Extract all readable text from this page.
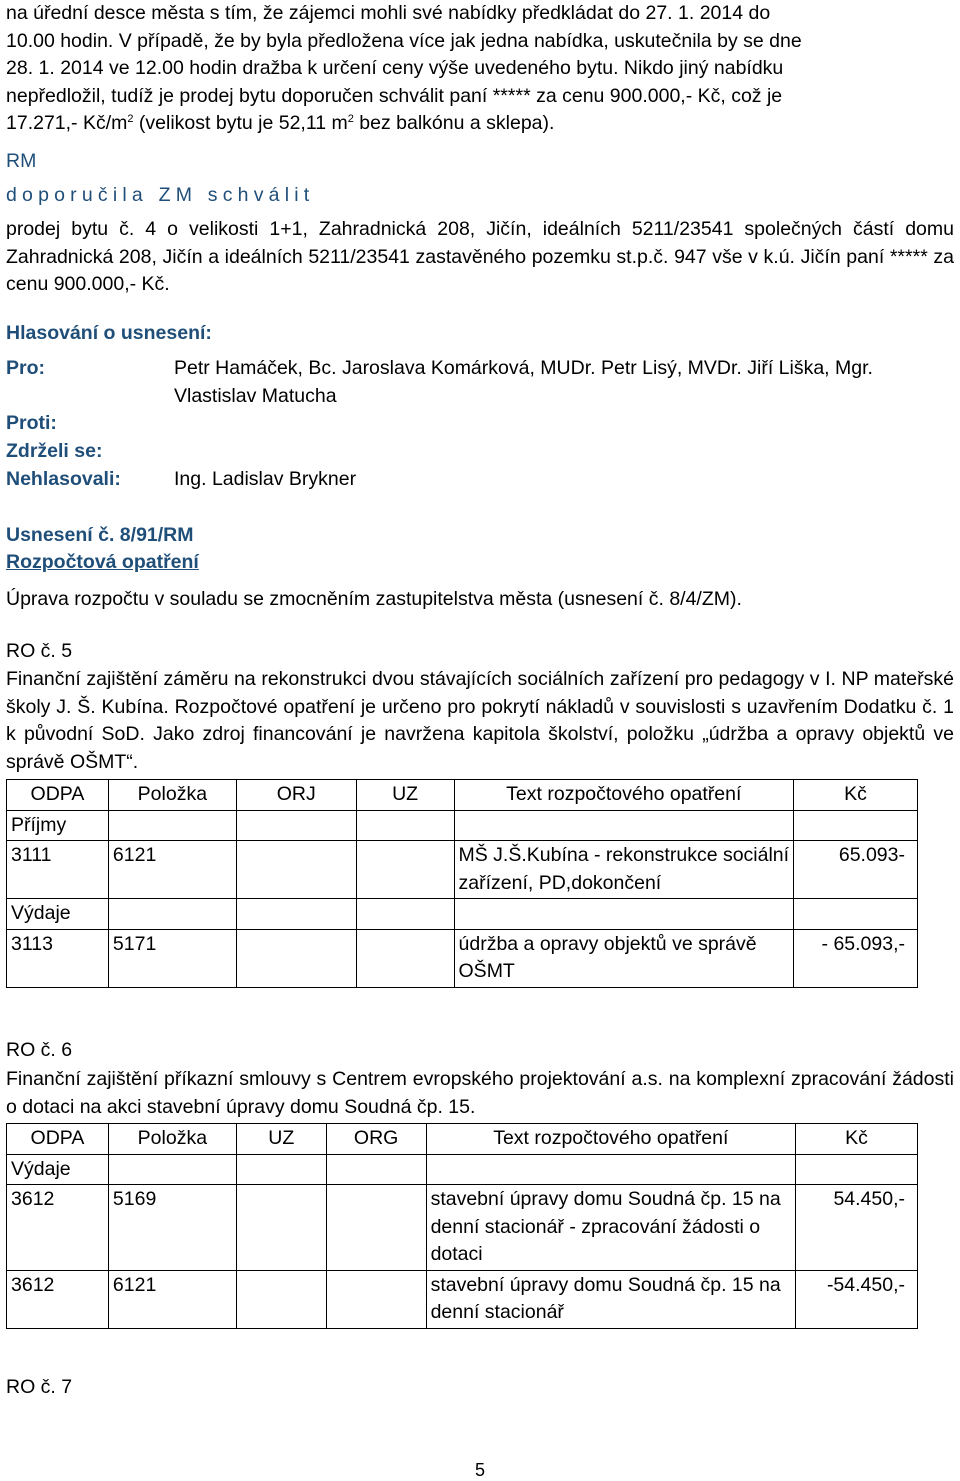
na úřední desce města s tím, že zájemci mohli své nabídky předkládat do 27. 1. 2014 do
10.00 hodin. V případě, že by byla předložena více jak jedna nabídka, uskutečnila by se dne
28. 1. 2014 ve 12.00 hodin dražba k určení ceny výše uvedeného bytu. Nikdo jiný nabídku
nepředložil, tudíž je prodej bytu doporučen schválit paní ***** za cenu 900.000,- Kč, což je
17.271,- $Kč/m^2$ (velikost bytu je 52,11 $m^2$ bez balkónu a sklepa).
RM
doporučila ZM schválit
prodej bytu č. 4 o velikosti 1+1, Zahradnická 208, Jičín, ideálních 5211/23541 společných částí domu Zahradnická 208, Jičín a ideálních 5211/23541 zastavěného pozemku st.p.č. 947 vše v k.ú. Jičín paní ***** za cenu 900.000,- Kč.
Hlasování o usnesení:
Pro:	Petr Hamáček, Bc. Jaroslava Komárková, MUDr. Petr Lisý, MVDr. Jiří Liška, Mgr. Vlastislav Matucha
Proti:
Zdrželi se:
Nehlasovali:	Ing. Ladislav Brykner
Usnesení č. 8/91/RM
Rozpočtová opatření
Úprava rozpočtu v souladu se zmocněním zastupitelstva města (usnesení č. 8/4/ZM).
RO č. 5
Finanční zajištění záměru na rekonstrukci dvou stávajících sociálních zařízení pro pedagogy v I. NP mateřské školy J. Š. Kubína. Rozpočtové opatření je určeno pro pokrytí nákladů v souvislosti s uzavřením Dodatku č. 1 k původní SoD. Jako zdroj financování je navržena kapitola školství, položku „údržba a opravy objektů ve správě OŠMT“.
ODPA	Položka	ORJ	UZ	Text rozpočtového opatření	Kč
Příjmy					
3111	6121			MŠ J.Š.Kubína - rekonstrukce sociální zařízení, PD,dokončení	65.093-
Výdaje					
3113	5171			údržba a opravy objektů ve správě OŠMT	- 65.093,-
RO č. 6
Finanční zajištění příkazní smlouvy s Centrem evropského projektování a.s. na komplexní zpracování žádosti o dotaci na akci stavební úpravy domu Soudná čp. 15.
ODPA	Položka	UZ	ORG	Text rozpočtového opatření	Kč
Výdaje					
3612	5169			stavební úpravy domu Soudná čp. 15 na denní stacionář - zpracování žádosti o dotaci	54.450,-
3612	6121			stavební úpravy domu Soudná čp. 15 na denní stacionář	-54.450,-
RO č. 7
5
